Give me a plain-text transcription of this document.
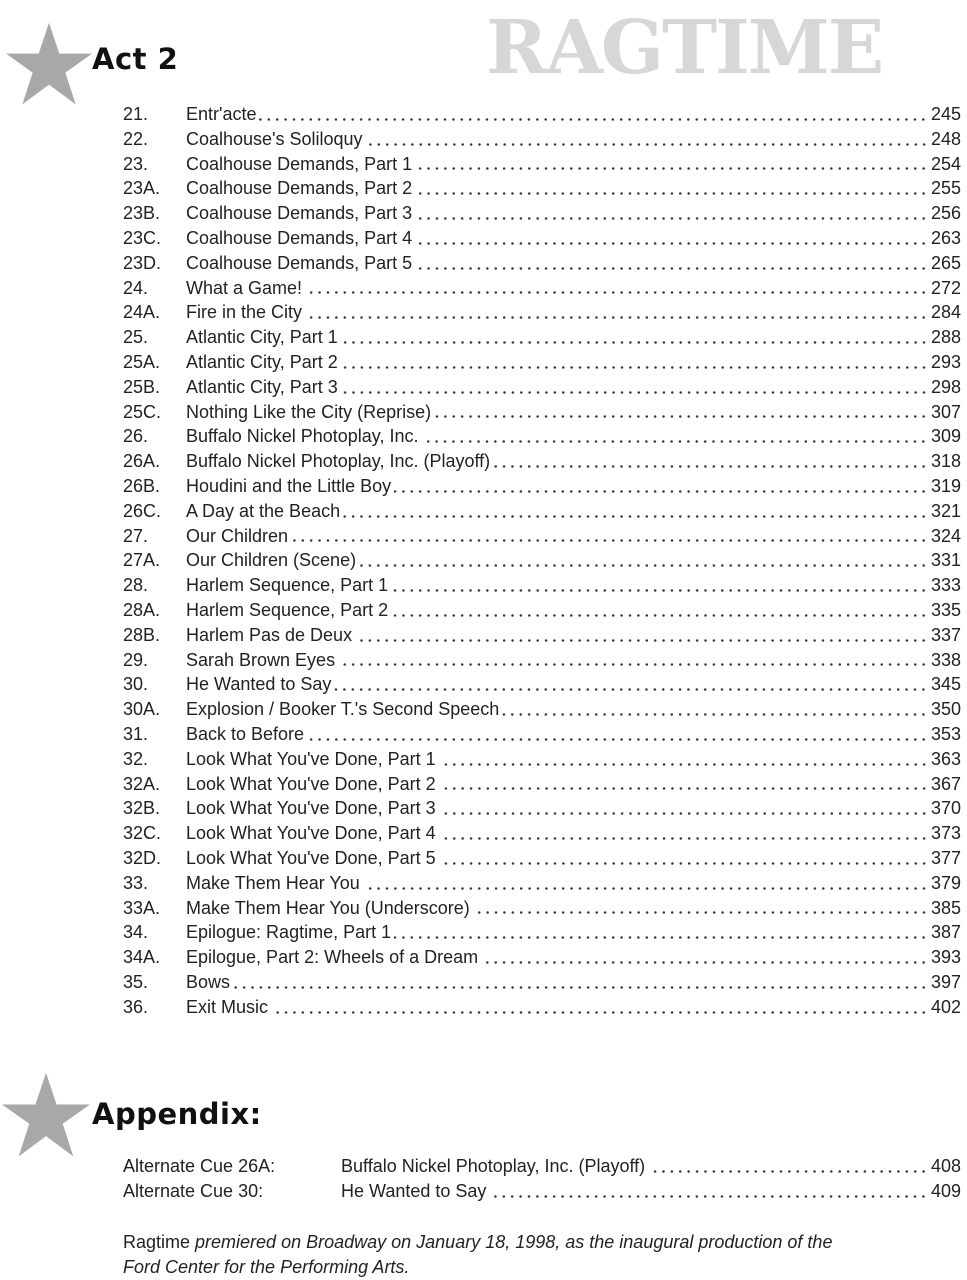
Act 2	RAGTIME
21.	Entr'acte	245
22.	Coalhouse's Soliloquy	248
23.	Coalhouse Demands, Part 1	254
23A.	Coalhouse Demands, Part 2	255
23B.	Coalhouse Demands, Part 3	256
23C.	Coalhouse Demands, Part 4	263
23D.	Coalhouse Demands, Part 5	265
24.	What a Game!	272
24A.	Fire in the City	284
25.	Atlantic City, Part 1	288
25A.	Atlantic City, Part 2	293
25B.	Atlantic City, Part 3	298
25C.	Nothing Like the City (Reprise)	307
26.	Buffalo Nickel Photoplay, Inc.	309
26A.	Buffalo Nickel Photoplay, Inc. (Playoff)	318
26B.	Houdini and the Little Boy	319
26C.	A Day at the Beach	321
27.	Our Children	324
27A.	Our Children (Scene)	331
28.	Harlem Sequence, Part 1	333
28A.	Harlem Sequence, Part 2	335
28B.	Harlem Pas de Deux	337
29.	Sarah Brown Eyes	338
30.	He Wanted to Say	345
30A.	Explosion / Booker T.'s Second Speech	350
31.	Back to Before	353
32.	Look What You've Done, Part 1	363
32A.	Look What You've Done, Part 2	367
32B.	Look What You've Done, Part 3	370
32C.	Look What You've Done, Part 4	373
32D.	Look What You've Done, Part 5	377
33.	Make Them Hear You	379
33A.	Make Them Hear You (Underscore)	385
34.	Epilogue: Ragtime, Part 1	387
34A.	Epilogue, Part 2: Wheels of a Dream	393
35.	Bows	397
36.	Exit Music	402
Appendix:
Alternate Cue 26A:	Buffalo Nickel Photoplay, Inc. (Playoff)	408
Alternate Cue 30:	He Wanted to Say	409
Ragtime premiered on Broadway on January 18, 1998, as the inaugural production of the
Ford Center for the Performing Arts.
